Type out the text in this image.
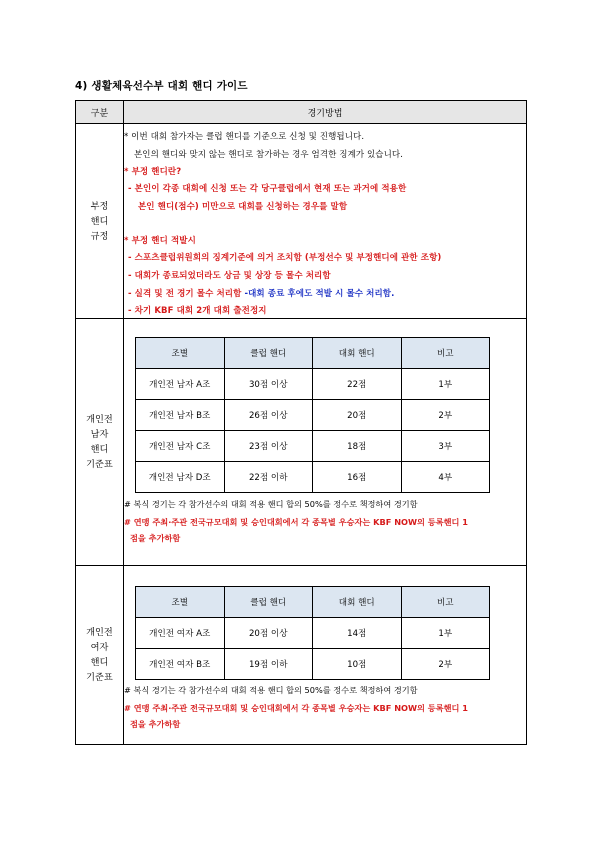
4) 생활체육선수부 대회 핸디 가이드
구분	경기방법

부정
핸디
규정

* 이번 대회 참가자는 클럽 핸디를 기준으로 신청 및 진행됩니다.
본인의 핸디와 맞지 않는 핸디로 참가하는 경우 엄격한 징계가 있습니다.
* 부정 핸디란?
- 본인이 각종 대회에 신청 또는 각 당구클럽에서 현재 또는 과거에 적용한
본인 핸디(점수) 미만으로 대회를 신청하는 경우를 말함
* 부정 핸디 적발시
- 스포츠클럽위원회의 징계기준에 의거 조치함 (부정선수 및 부정핸디에 관한 조항)
- 대회가 종료되었더라도 상금 및 상장 등 몰수 처리함
- 실격 및 전 경기 몰수 처리함 -대회 종료 후에도 적발 시 몰수 처리함.
- 차기 KBF 대회 2개 대회 출전정지

개인전
남자
핸디
기준표

조별	클럽 핸디	대회 핸디	비고
개인전 남자 A조	30점 이상	22점	1부
개인전 남자 B조	26점 이상	20점	2부
개인전 남자 C조	23점 이상	18점	3부
개인전 남자 D조	22점 이하	16점	4부
# 복식 경기는 각 참가선수의 대회 적용 핸디 합의 50%를 정수로 책정하여 경기함
# 연맹 주최·주관 전국규모대회 및 승인대회에서 각 종목별 우승자는 KBF NOW의 등록핸디 1
점을 추가하함

개인전
여자
핸디
기준표

조별	클럽 핸디	대회 핸디	비고
개인전 여자 A조	20점 이상	14점	1부
개인전 여자 B조	19점 이하	10점	2부
# 복식 경기는 각 참가선수의 대회 적용 핸디 합의 50%를 정수로 책정하여 경기함
# 연맹 주최·주관 전국규모대회 및 승인대회에서 각 종목별 우승자는 KBF NOW의 등록핸디 1
점을 추가하함
